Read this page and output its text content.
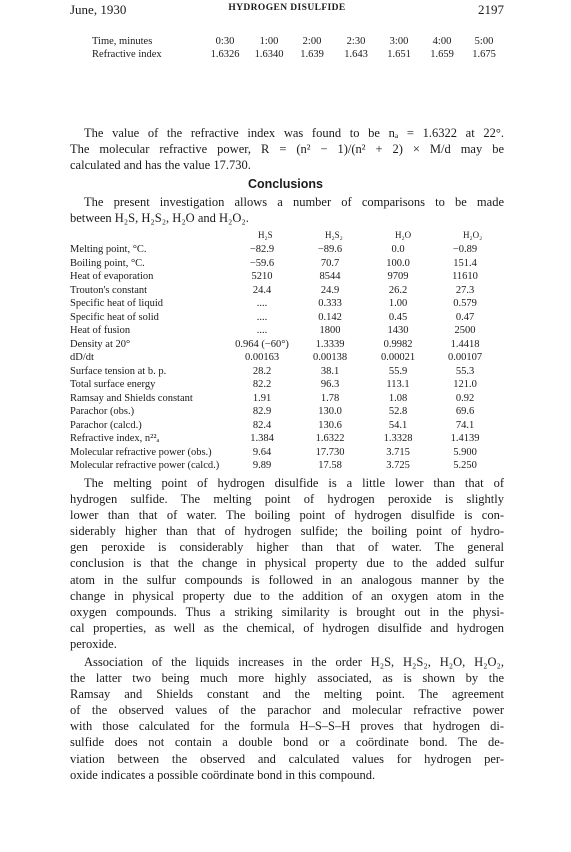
June, 1930	HYDROGEN DISULFIDE	2197
Time, minutes	0:30	1:00	2:00	2:30	3:00	4:00	5:00
Refractive index	1.6326	1.6340	1.639	1.643	1.651	1.659	1.675

The value of the refractive index was found to be nₐ = 1.6322 at 22°.
The molecular refractive power, R = (n² − 1)/(n² + 2) × M/d may be
calculated and has the value 17.730.

Conclusions

The present investigation allows a number of comparisons to be made
between H₂S, H₂S₂, H₂O and H₂O₂.

H₂S	H₂S₂	H₂O	H₂O₂
Melting point, °C.	−82.9	−89.6	0.0	−0.89
Boiling point, °C.	−59.6	70.7	100.0	151.4
Heat of evaporation	5210	8544	9709	11610
Trouton's constant	24.4	24.9	26.2	27.3
Specific heat of liquid	....	0.333	1.00	0.579
Specific heat of solid	....	0.142	0.45	0.47
Heat of fusion	....	1800	1430	2500
Density at 20°	0.964 (−60°)	1.3339	0.9982	1.4418
dD/dt	0.00163	0.00138	0.00021	0.00107
Surface tension at b. p.	28.2	38.1	55.9	55.3
Total surface energy	82.2	96.3	113.1	121.0
Ramsay and Shields constant	1.91	1.78	1.08	0.92
Parachor (obs.)	82.9	130.0	52.8	69.6
Parachor (calcd.)	82.4	130.6	54.1	74.1
Refractive index, n²²ₐ	1.384	1.6322	1.3328	1.4139
Molecular refractive power (obs.)	9.64	17.730	3.715	5.900
Molecular refractive power (calcd.)	9.89	17.58	3.725	5.250

The melting point of hydrogen disulfide is a little lower than that of
hydrogen sulfide. The melting point of hydrogen peroxide is slightly
lower than that of water. The boiling point of hydrogen disulfide is con-
siderably higher than that of hydrogen sulfide; the boiling point of hydro-
gen peroxide is considerably higher than that of water. The general
conclusion is that the change in physical property due to the added sulfur
atom in the sulfur compounds is followed in an analogous manner by the
change in physical property due to the addition of an oxygen atom in the
oxygen compounds. Thus a striking similarity is brought out in the physi-
cal properties, as well as the chemical, of hydrogen disulfide and hydrogen
peroxide.

Association of the liquids increases in the order H₂S, H₂S₂, H₂O, H₂O₂,
the latter two being much more highly associated, as is shown by the
Ramsay and Shields constant and the melting point. The agreement
of the observed values of the parachor and molecular refractive power
with those calculated for the formula H–S–S–H proves that hydrogen di-
sulfide does not contain a double bond or a coördinate bond. The de-
viation between the observed and calculated values for hydrogen per-
oxide indicates a possible coördinate bond in this compound.
